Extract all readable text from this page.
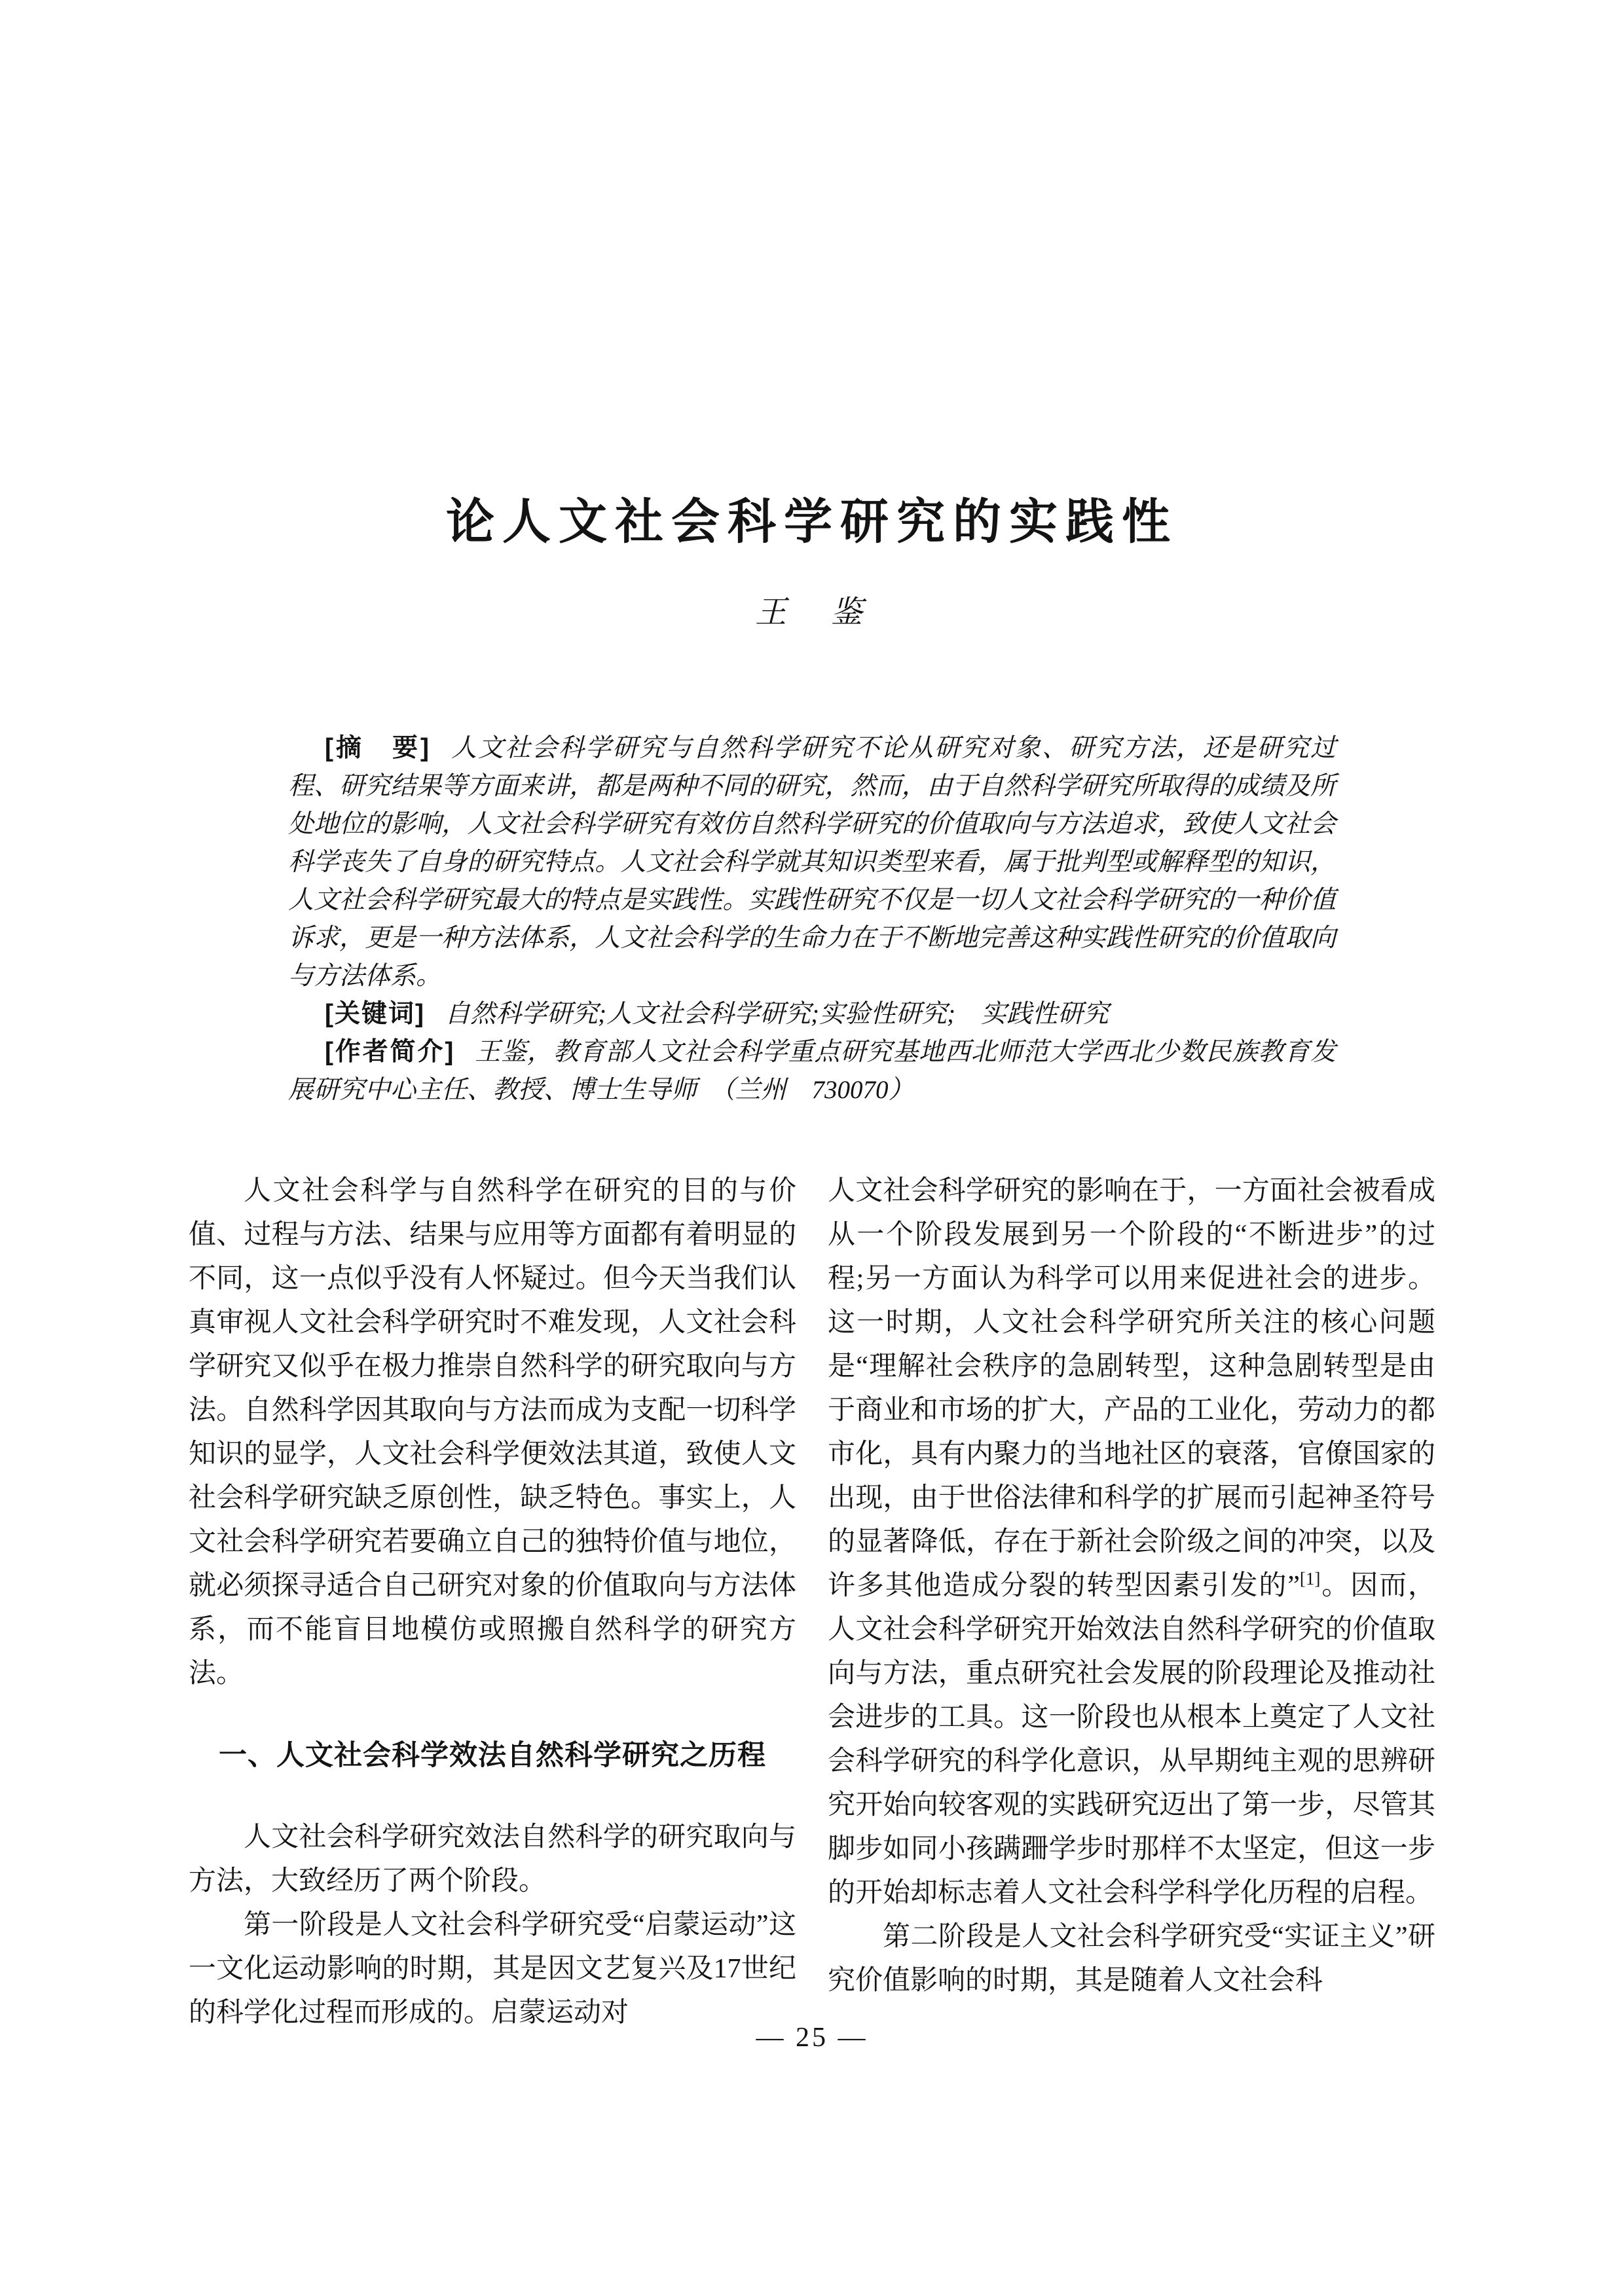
论人文社会科学研究的实践性
王　鉴

[摘　要] 人文社会科学研究与自然科学研究不论从研究对象、研究方法，还是研究过程、研究结果等方面来讲，都是两种不同的研究，然而，由于自然科学研究所取得的成绩及所处地位的影响，人文社会科学研究有效仿自然科学研究的价值取向与方法追求，致使人文社会科学丧失了自身的研究特点。人文社会科学就其知识类型来看，属于批判型或解释型的知识，人文社会科学研究最大的特点是实践性。实践性研究不仅是一切人文社会科学研究的一种价值诉求，更是一种方法体系，人文社会科学的生命力在于不断地完善这种实践性研究的价值取向与方法体系。

[关键词] 自然科学研究;人文社会科学研究;实验性研究;　实践性研究

[作者简介] 王鉴，教育部人文社会科学重点研究基地西北师范大学西北少数民族教育发展研究中心主任、教授、博士生导师　（兰州　730070）

人文社会科学与自然科学在研究的目的与价值、过程与方法、结果与应用等方面都有着明显的不同，这一点似乎没有人怀疑过。但今天当我们认真审视人文社会科学研究时不难发现，人文社会科学研究又似乎在极力推崇自然科学的研究取向与方法。自然科学因其取向与方法而成为支配一切科学知识的显学，人文社会科学便效法其道，致使人文社会科学研究缺乏原创性，缺乏特色。事实上，人文社会科学研究若要确立自己的独特价值与地位，就必须探寻适合自己研究对象的价值取向与方法体系，而不能盲目地模仿或照搬自然科学的研究方法。

一、人文社会科学效法自然科学研究之历程

人文社会科学研究效法自然科学的研究取向与方法，大致经历了两个阶段。

第一阶段是人文社会科学研究受“启蒙运动”这一文化运动影响的时期，其是因文艺复兴及17世纪的科学化过程而形成的。启蒙运动对

人文社会科学研究的影响在于，一方面社会被看成从一个阶段发展到另一个阶段的“不断进步”的过程;另一方面认为科学可以用来促进社会的进步。这一时期，人文社会科学研究所关注的核心问题是“理解社会秩序的急剧转型，这种急剧转型是由于商业和市场的扩大，产品的工业化，劳动力的都市化，具有内聚力的当地社区的衰落，官僚国家的出现，由于世俗法律和科学的扩展而引起神圣符号的显著降低，存在于新社会阶级之间的冲突，以及许多其他造成分裂的转型因素引发的”[1]。因而，人文社会科学研究开始效法自然科学研究的价值取向与方法，重点研究社会发展的阶段理论及推动社会进步的工具。这一阶段也从根本上奠定了人文社会科学研究的科学化意识，从早期纯主观的思辨研究开始向较客观的实践研究迈出了第一步，尽管其脚步如同小孩蹒跚学步时那样不太坚定，但这一步的开始却标志着人文社会科学科学化历程的启程。

第二阶段是人文社会科学研究受“实证主义”研究价值影响的时期，其是随着人文社会科

— 25 —
